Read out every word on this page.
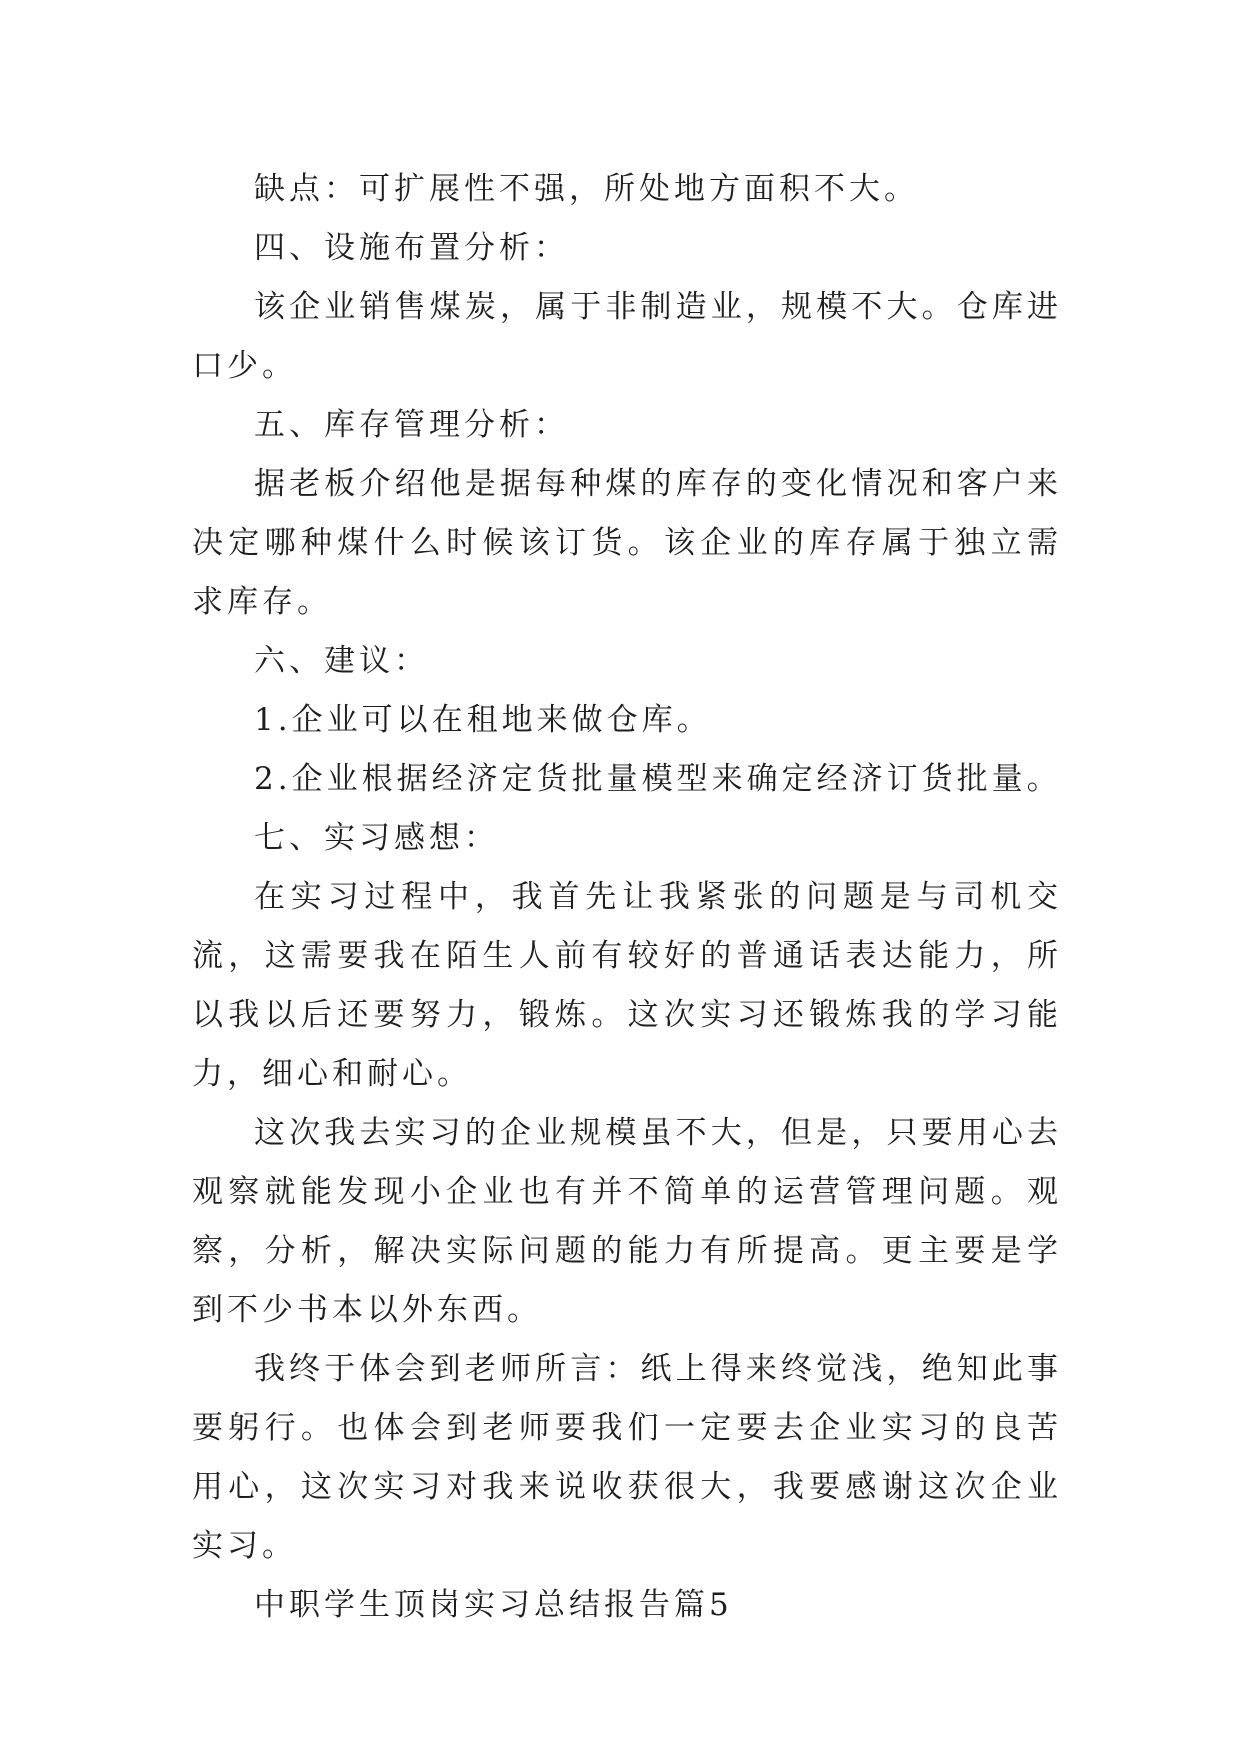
缺点：可扩展性不强，所处地方面积不大。

四、设施布置分析：

该企业销售煤炭，属于非制造业，规模不大。仓库进口少。

五、库存管理分析：

据老板介绍他是据每种煤的库存的变化情况和客户来决定哪种煤什么时候该订货。该企业的库存属于独立需求库存。

六、建议：

1.企业可以在租地来做仓库。

2.企业根据经济定货批量模型来确定经济订货批量。

七、实习感想：

在实习过程中，我首先让我紧张的问题是与司机交流，这需要我在陌生人前有较好的普通话表达能力，所以我以后还要努力，锻炼。这次实习还锻炼我的学习能力，细心和耐心。

这次我去实习的企业规模虽不大，但是，只要用心去观察就能发现小企业也有并不简单的运营管理问题。观察，分析，解决实际问题的能力有所提高。更主要是学到不少书本以外东西。

我终于体会到老师所言：纸上得来终觉浅，绝知此事要躬行。也体会到老师要我们一定要去企业实习的良苦用心，这次实习对我来说收获很大，我要感谢这次企业实习。

中职学生顶岗实习总结报告篇5
